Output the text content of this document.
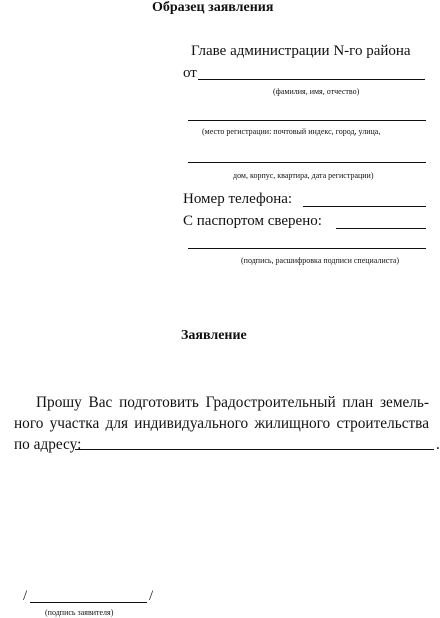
Образец заявления
Главе администрации N-го района
от
(фамилия, имя, отчество)
(место регистрации: почтовый индекс, город, улица,
дом, корпус, квартира, дата регистрации)
Номер телефона:
С паспортом сверено:
(подпись, расшифровка подписи специалиста)
Заявление
Прошу Вас подготовить Градостроительный план земель-
ного участка для индивидуального жилищного строительства
по адресу:	.
/	/
(подпись заявителя)
